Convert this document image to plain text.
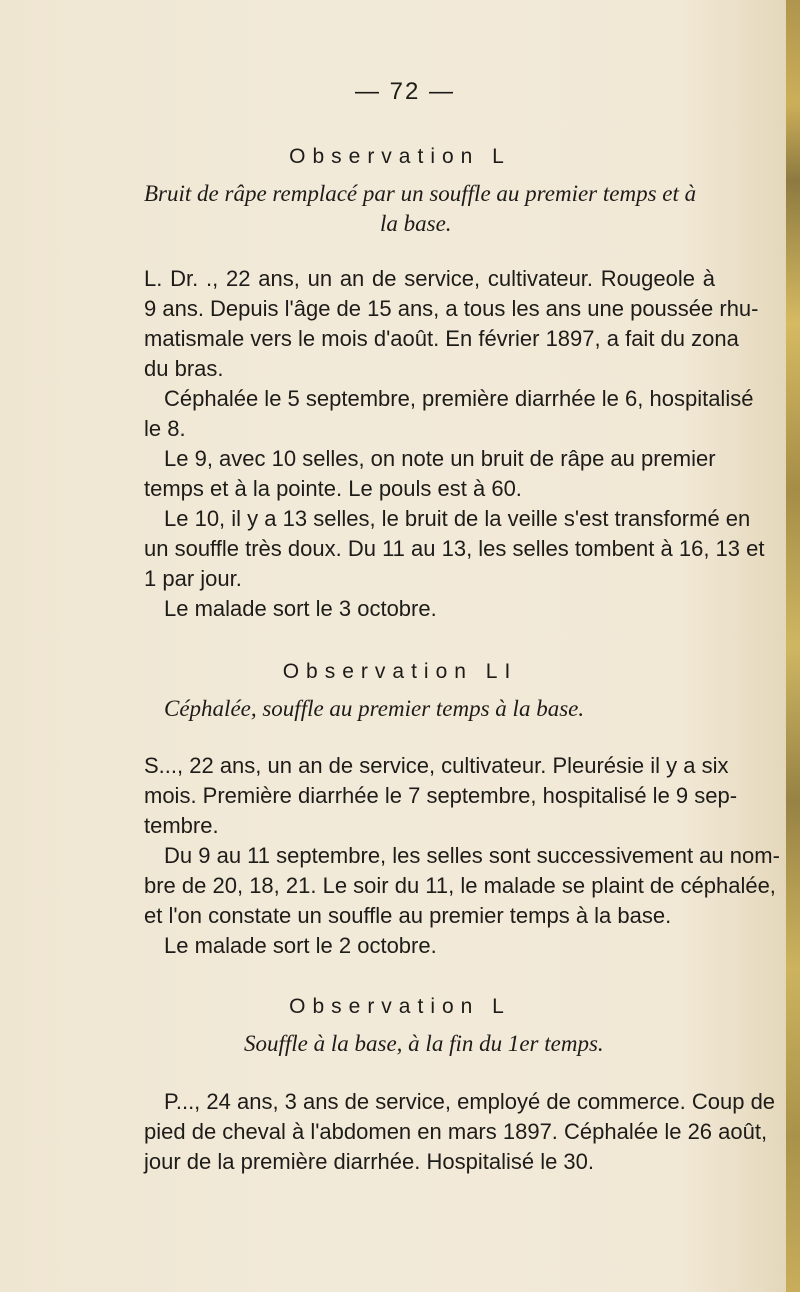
— 72 —
Observation L
Bruit de râpe remplacé par un souffle au premier temps et à
la base.
L. Dr. ., 22 ans, un an de service, cultivateur. Rougeole à
9 ans. Depuis l'âge de 15 ans, a tous les ans une poussée rhu-
matismale vers le mois d'août. En février 1897, a fait du zona
du bras.
Céphalée le 5 septembre, première diarrhée le 6, hospitalisé
le 8.
Le 9, avec 10 selles, on note un bruit de râpe au premier
temps et à la pointe. Le pouls est à 60.
Le 10, il y a 13 selles, le bruit de la veille s'est transformé en
un souffle très doux. Du 11 au 13, les selles tombent à 16, 13 et
1 par jour.
Le malade sort le 3 octobre.
Observation LI
Céphalée, souffle au premier temps à la base.
S..., 22 ans, un an de service, cultivateur. Pleurésie il y a six
mois. Première diarrhée le 7 septembre, hospitalisé le 9 sep-
tembre.
Du 9 au 11 septembre, les selles sont successivement au nom-
bre de 20, 18, 21. Le soir du 11, le malade se plaint de céphalée,
et l'on constate un souffle au premier temps à la base.
Le malade sort le 2 octobre.
Observation L
Souffle à la base, à la fin du 1er temps.
P..., 24 ans, 3 ans de service, employé de commerce. Coup de
pied de cheval à l'abdomen en mars 1897. Céphalée le 26 août,
jour de la première diarrhée. Hospitalisé le 30.
